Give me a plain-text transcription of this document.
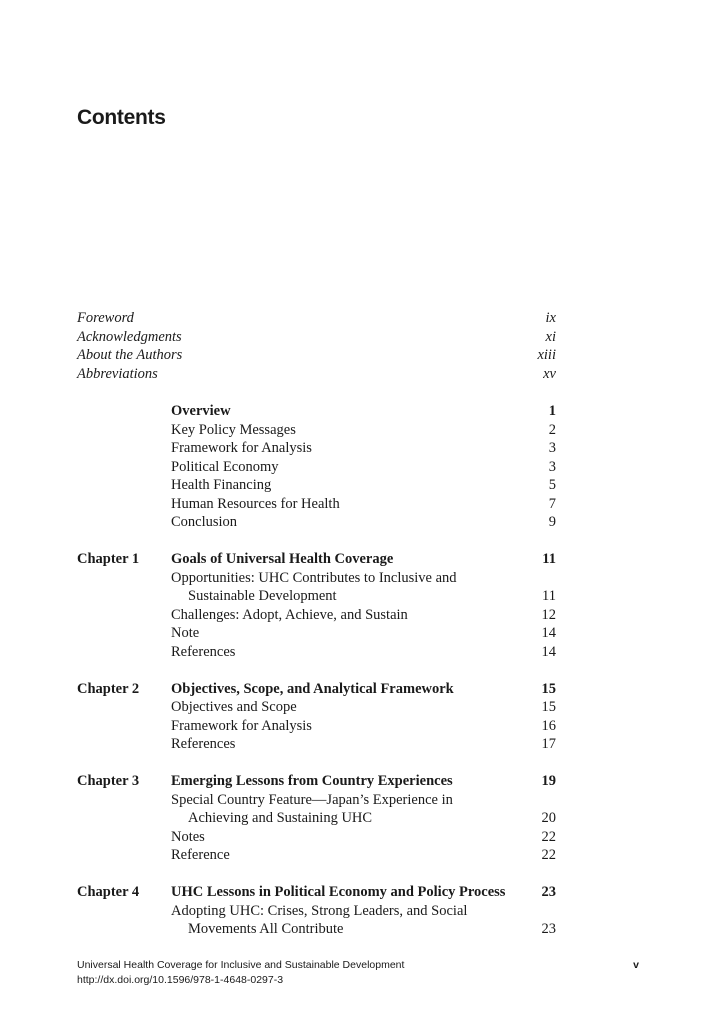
Contents
Foreword	ix
Acknowledgments	xi
About the Authors	xiii
Abbreviations	xv
Overview	1
Key Policy Messages	2
Framework for Analysis	3
Political Economy	3
Health Financing	5
Human Resources for Health	7
Conclusion	9
Chapter 1	Goals of Universal Health Coverage	11
Opportunities: UHC Contributes to Inclusive and
Sustainable Development	11
Challenges: Adopt, Achieve, and Sustain	12
Note	14
References	14
Chapter 2	Objectives, Scope, and Analytical Framework	15
Objectives and Scope	15
Framework for Analysis	16
References	17
Chapter 3	Emerging Lessons from Country Experiences	19
Special Country Feature—Japan’s Experience in
Achieving and Sustaining UHC	20
Notes	22
Reference	22
Chapter 4	UHC Lessons in Political Economy and Policy Process	23
Adopting UHC: Crises, Strong Leaders, and Social
Movements All Contribute	23
Universal Health Coverage for Inclusive and Sustainable Development
http://dx.doi.org/10.1596/978-1-4648-0297-3
v
